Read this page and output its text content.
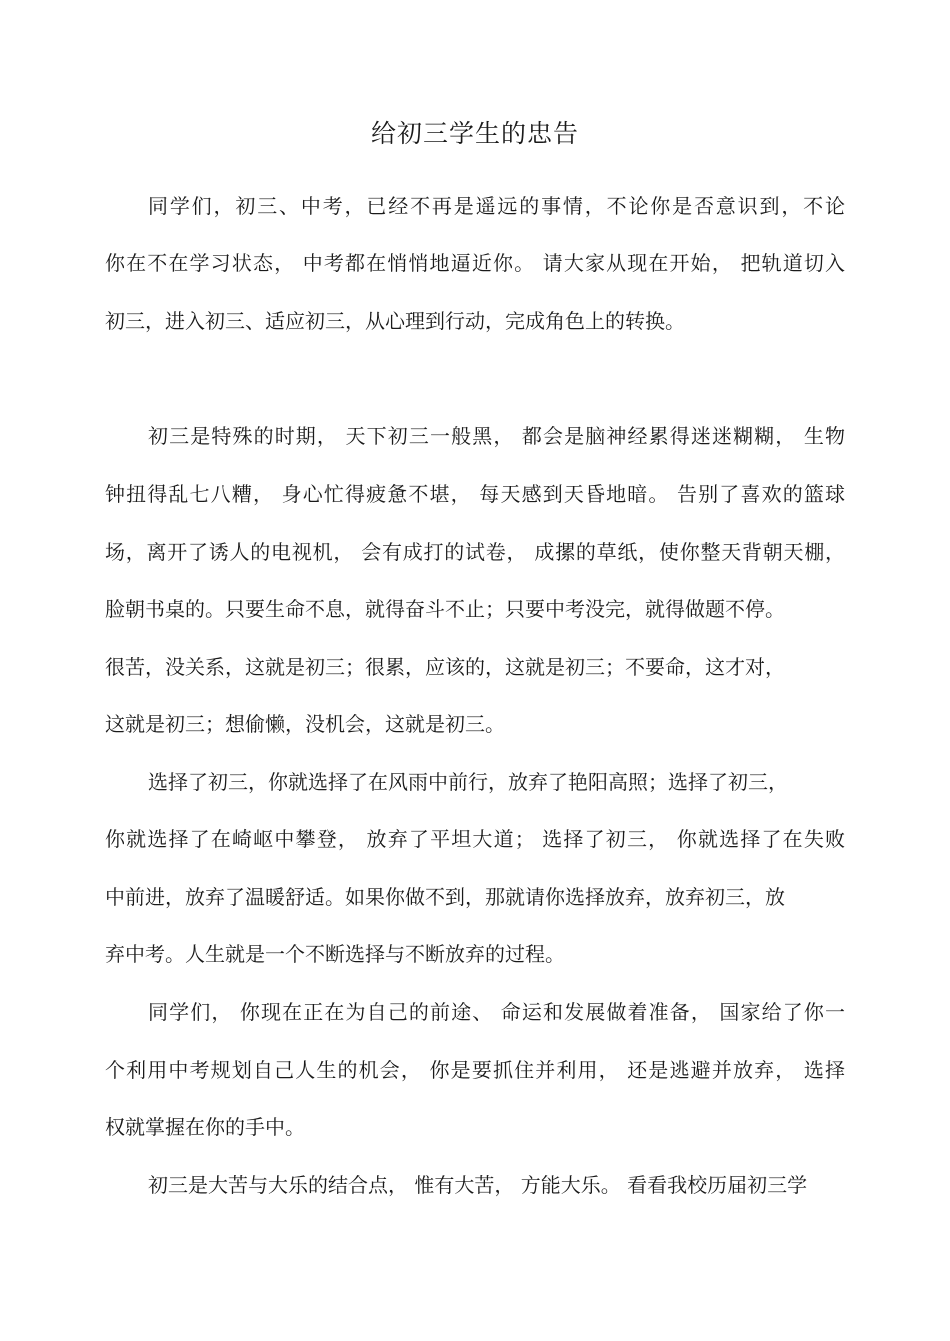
给初三学生的忠告
同学们，初三、中考，已经不再是遥远的事情，不论你是否意识到，不论
你在不在学习状态， 中考都在悄悄地逼近你。 请大家从现在开始， 把轨道切入
初三，进入初三、适应初三，从心理到行动，完成角色上的转换。
初三是特殊的时期， 天下初三一般黑， 都会是脑神经累得迷迷糊糊， 生物
钟扭得乱七八糟， 身心忙得疲惫不堪， 每天感到天昏地暗。 告别了喜欢的篮球
场，离开了诱人的电视机， 会有成打的试卷， 成摞的草纸，使你整天背朝天棚，
脸朝书桌的。只要生命不息，就得奋斗不止；只要中考没完，就得做题不停。
很苦，没关系，这就是初三；很累，应该的，这就是初三；不要命，这才对，
这就是初三；想偷懒，没机会，这就是初三。
选择了初三，你就选择了在风雨中前行，放弃了艳阳高照；选择了初三，
你就选择了在崎岖中攀登， 放弃了平坦大道； 选择了初三， 你就选择了在失败
中前进，放弃了温暖舒适。如果你做不到，那就请你选择放弃，放弃初三，放
弃中考。人生就是一个不断选择与不断放弃的过程。
同学们， 你现在正在为自己的前途、 命运和发展做着准备， 国家给了你一
个利用中考规划自己人生的机会， 你是要抓住并利用， 还是逃避并放弃， 选择
权就掌握在你的手中。
初三是大苦与大乐的结合点， 惟有大苦， 方能大乐。 看看我校历届初三学
